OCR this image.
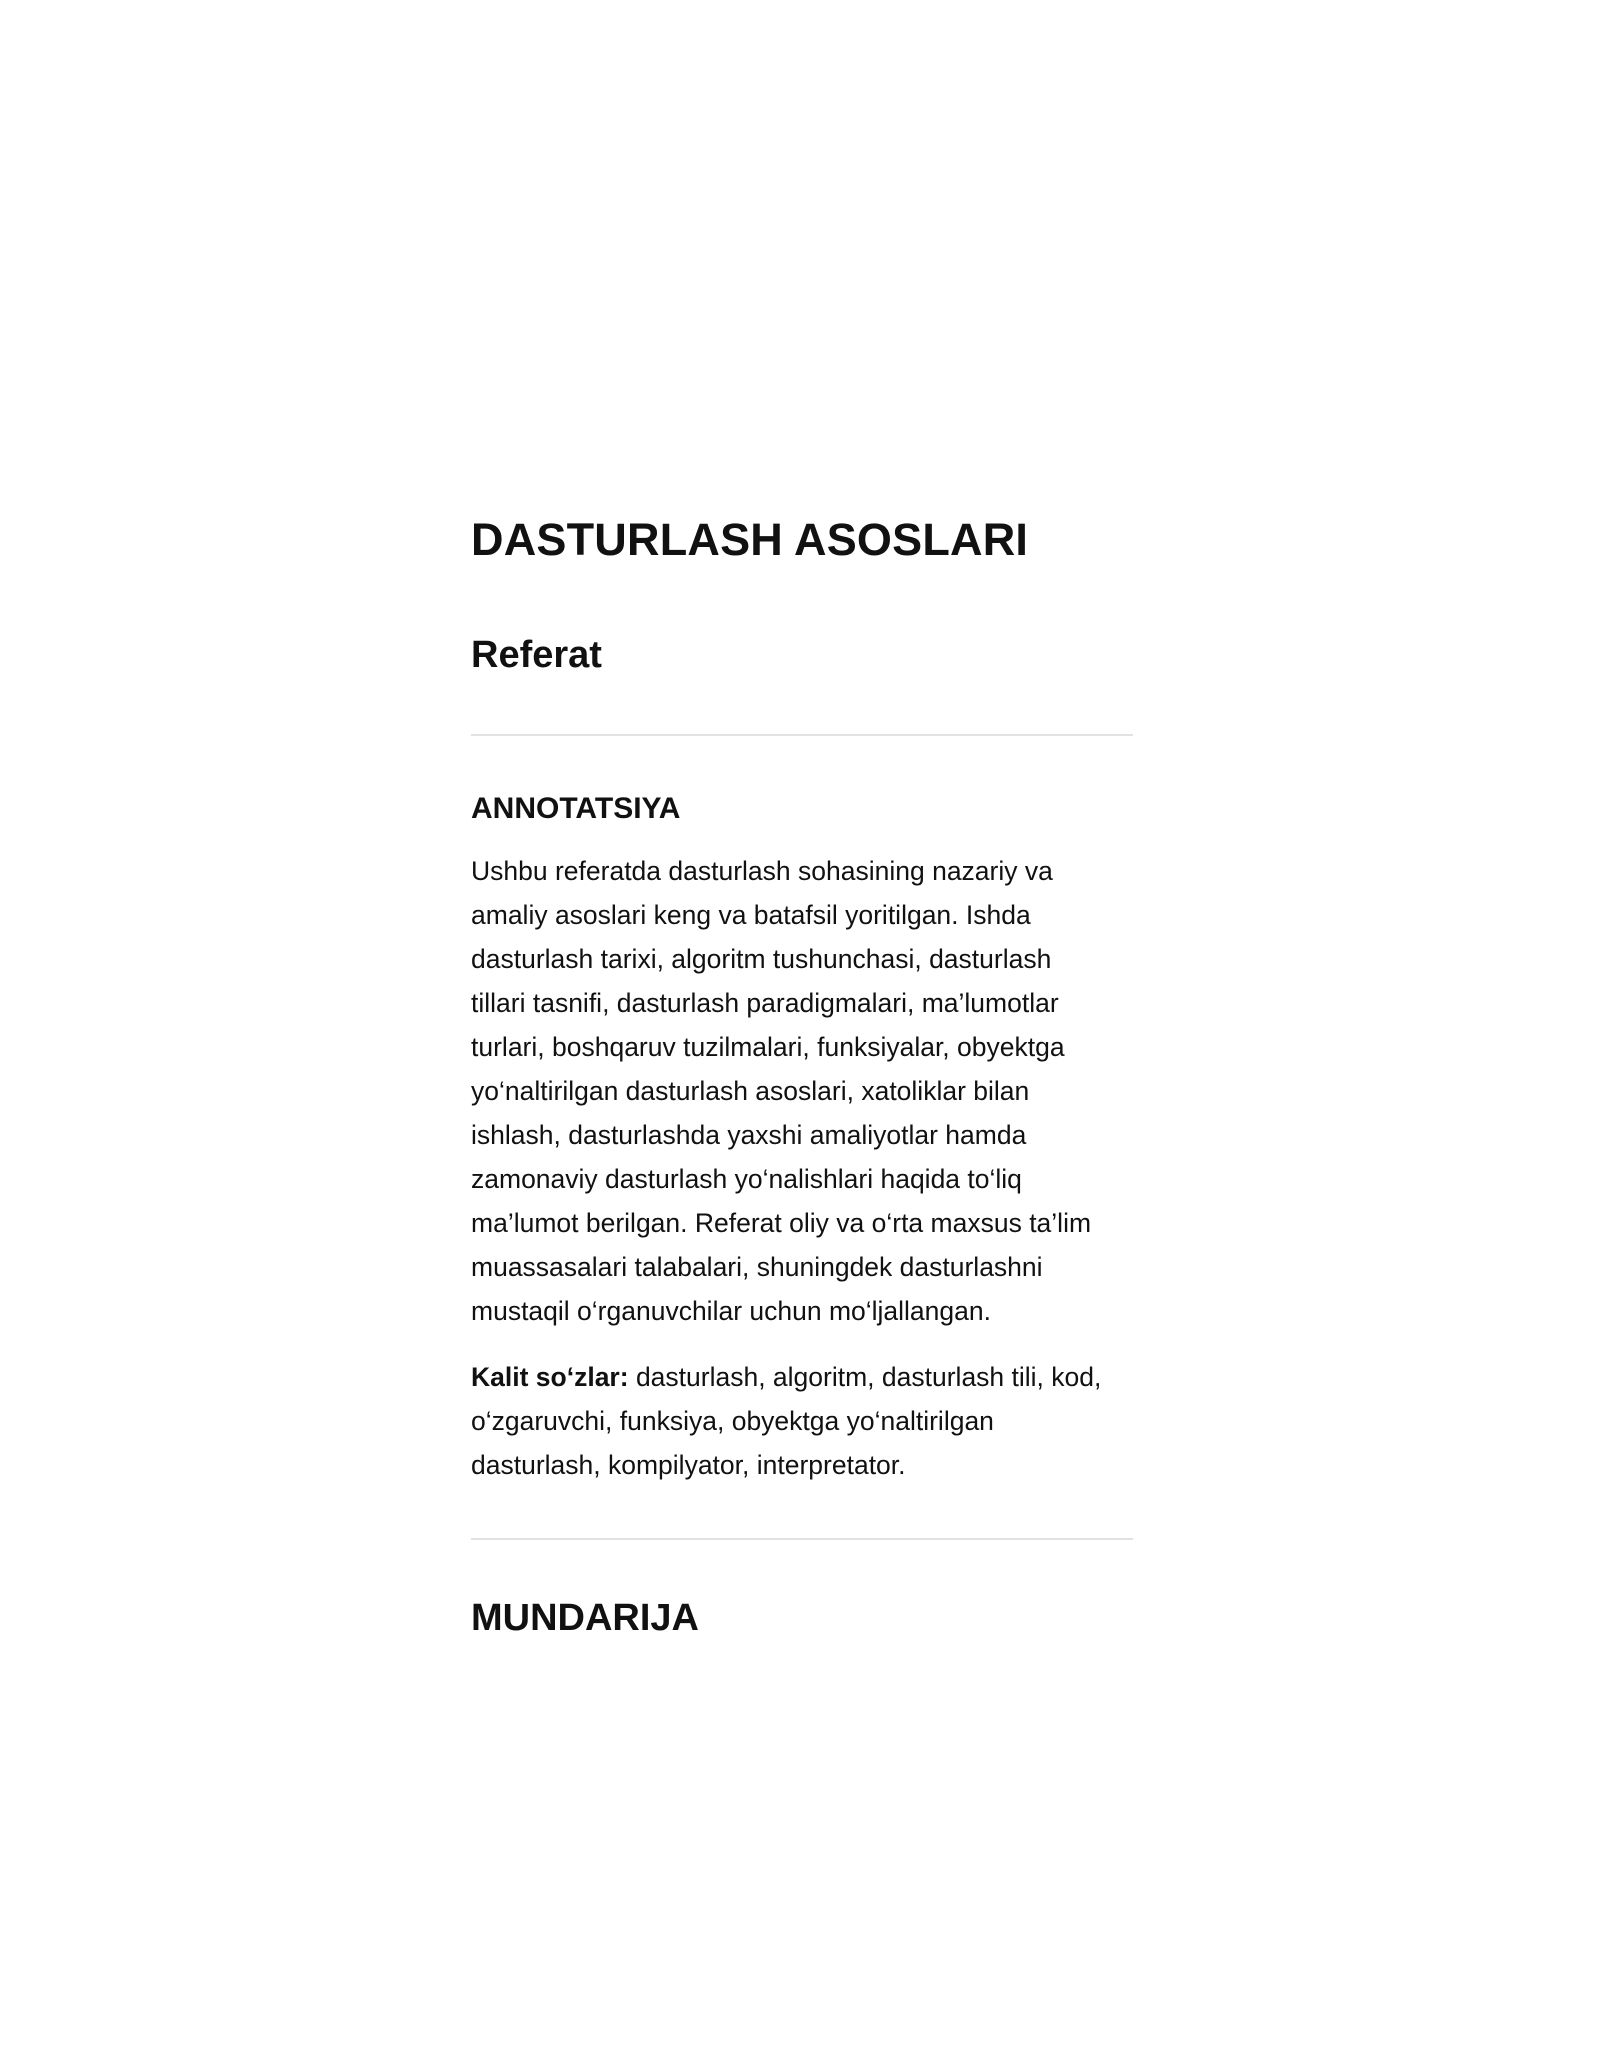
DASTURLASH ASOSLARI
Referat
ANNOTATSIYA

Ushbu referatda dasturlash sohasining nazariy va
amaliy asoslari keng va batafsil yoritilgan. Ishda
dasturlash tarixi, algoritm tushunchasi, dasturlash
tillari tasnifi, dasturlash paradigmalari, ma’lumotlar
turlari, boshqaruv tuzilmalari, funksiyalar, obyektga
yo‘naltirilgan dasturlash asoslari, xatoliklar bilan
ishlash, dasturlashda yaxshi amaliyotlar hamda
zamonaviy dasturlash yo‘nalishlari haqida to‘liq
ma’lumot berilgan. Referat oliy va o‘rta maxsus ta’lim
muassasalari talabalari, shuningdek dasturlashni
mustaqil o‘rganuvchilar uchun mo‘ljallangan.

Kalit so‘zlar: dasturlash, algoritm, dasturlash tili, kod,
o‘zgaruvchi, funksiya, obyektga yo‘naltirilgan
dasturlash, kompilyator, interpretator.

MUNDARIJA
